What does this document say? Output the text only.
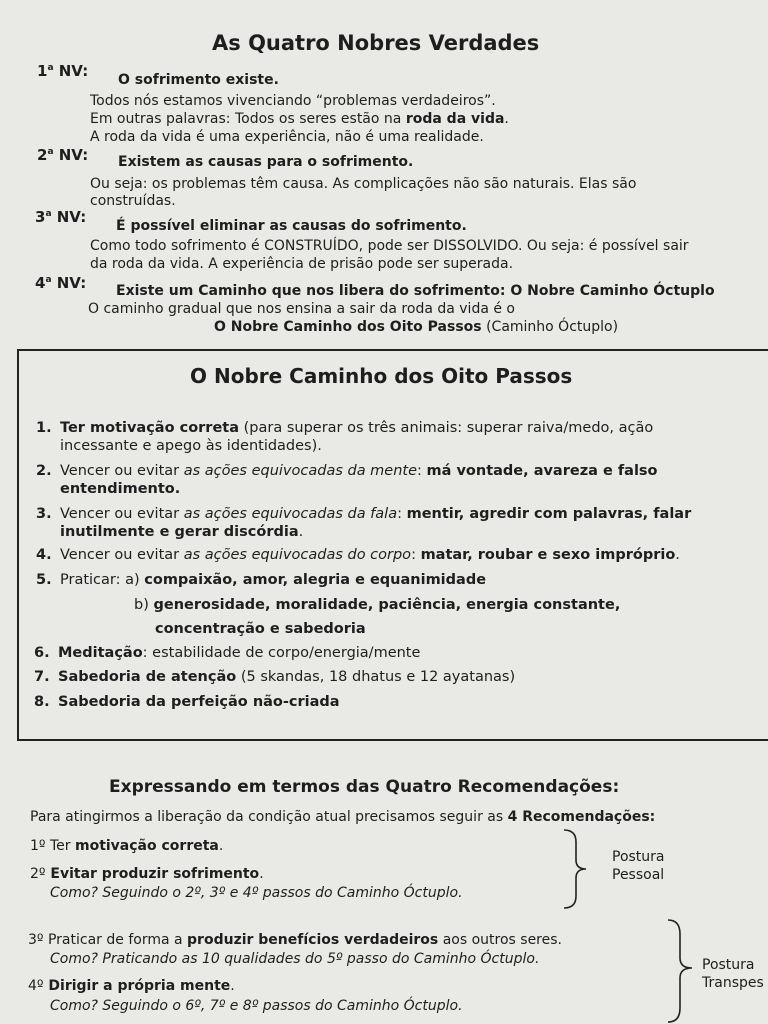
As Quatro Nobres Verdades
1$^a$ NV: O sofrimento existe.
Todos nós estamos vivenciando “problemas verdadeiros”.
Em outras palavras: Todos os seres estão na roda da vida.
A roda da vida é uma experiência, não é uma realidade.
2$^a$ NV: Existem as causas para o sofrimento.
Ou seja: os problemas têm causa. As complicações não são naturais. Elas são
construídas.
3$^a$ NV: É possível eliminar as causas do sofrimento.
Como todo sofrimento é CONSTRUÍDO, pode ser DISSOLVIDO. Ou seja: é possível sair
da roda da vida. A experiência de prisão pode ser superada.
4$^a$ NV: Existe um Caminho que nos libera do sofrimento: O Nobre Caminho Óctuplo
O caminho gradual que nos ensina a sair da roda da vida é o
O Nobre Caminho dos Oito Passos (Caminho Óctuplo)
O Nobre Caminho dos Oito Passos
1. Ter motivação correta (para superar os três animais: superar raiva/medo, ação
incessante e apego às identidades).
2. Vencer ou evitar as ações equivocadas da mente: má vontade, avareza e falso
entendimento.
3. Vencer ou evitar as ações equivocadas da fala: mentir, agredir com palavras, falar
inutilmente e gerar discórdia.
4. Vencer ou evitar as ações equivocadas do corpo: matar, roubar e sexo impróprio.
5. Praticar: a) compaixão, amor, alegria e equanimidade
b) generosidade, moralidade, paciência, energia constante,
concentração e sabedoria
6. Meditação: estabilidade de corpo/energia/mente
7. Sabedoria de atenção (5 skandas, 18 dhatus e 12 ayatanas)
8. Sabedoria da perfeição não-criada
Expressando em termos das Quatro Recomendações:
Para atingirmos a liberação da condição atual precisamos seguir as 4 Recomendações:
1º Ter motivação correta.
2º Evitar produzir sofrimento.
Como? Seguindo o 2º, 3º e 4º passos do Caminho Óctuplo.
Postura
Pessoal
3º Praticar de forma a produzir benefícios verdadeiros aos outros seres.
Como? Praticando as 10 qualidades do 5º passo do Caminho Óctuplo.
4º Dirigir a própria mente.
Como? Seguindo o 6º, 7º e 8º passos do Caminho Óctuplo.
Postura
Transpes
